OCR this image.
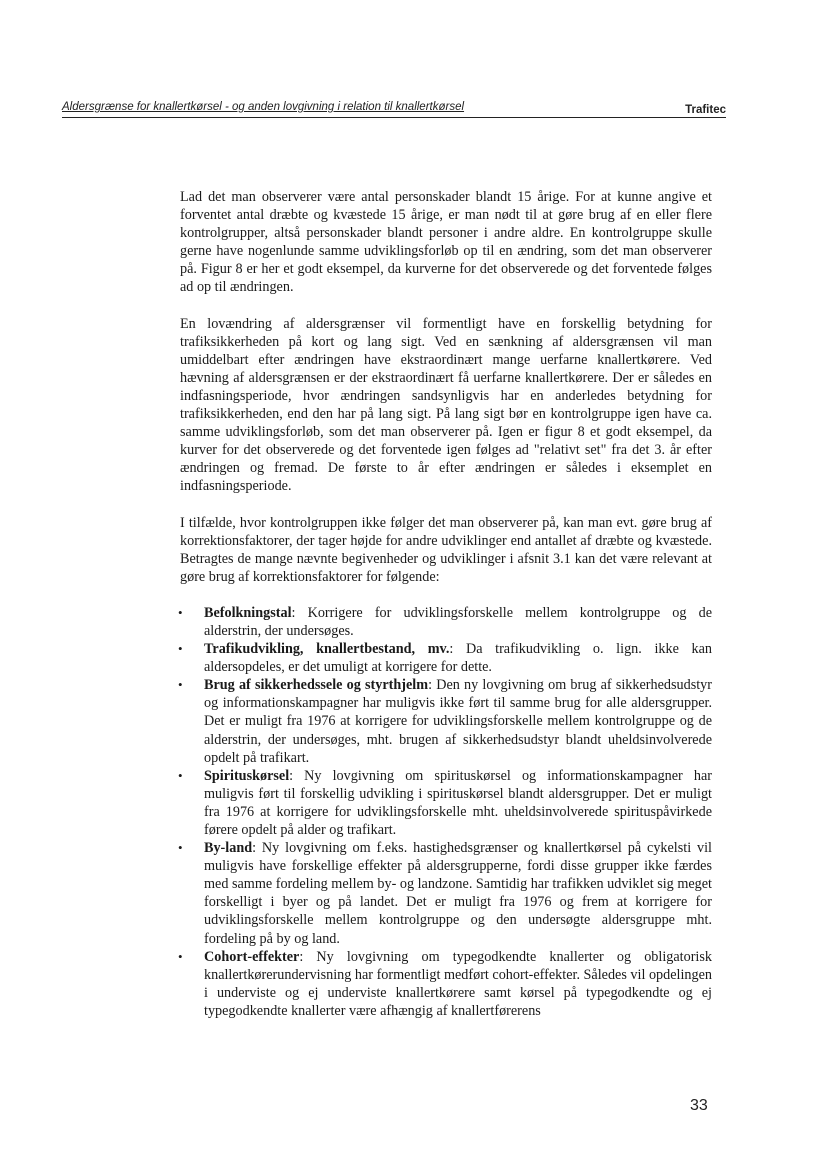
Aldersgrænse for knallertkørsel - og anden lovgivning i relation til knallertkørsel	Trafitec

Lad det man observerer være antal personskader blandt 15 årige. For at kunne angive et forventet antal dræbte og kvæstede 15 årige, er man nødt til at gøre brug af en eller flere kontrolgrupper, altså personskader blandt personer i andre aldre. En kontrolgruppe skulle gerne have nogenlunde samme udviklingsforløb op til en ændring, som det man observerer på. Figur 8 er her et godt eksempel, da kurverne for det observerede og det forventede følges ad op til ændringen.

En lovændring af aldersgrænser vil formentligt have en forskellig betydning for trafiksikkerheden på kort og lang sigt. Ved en sænkning af aldersgrænsen vil man umiddelbart efter ændringen have ekstraordinært mange uerfarne knallertkørere. Ved hævning af aldersgrænsen er der ekstraordinært få uerfarne knallertkørere. Der er således en indfasningsperiode, hvor ændringen sandsynligvis har en anderledes betydning for trafiksikkerheden, end den har på lang sigt. På lang sigt bør en kontrolgruppe igen have ca. samme udviklingsforløb, som det man observerer på. Igen er figur 8 et godt eksempel, da kurver for det observerede og det forventede igen følges ad "relativt set" fra det 3. år efter ændringen og fremad. De første to år efter ændringen er således i eksemplet en indfasningsperiode.

I tilfælde, hvor kontrolgruppen ikke følger det man observerer på, kan man evt. gøre brug af korrektionsfaktorer, der tager højde for andre udviklinger end antallet af dræbte og kvæstede. Betragtes de mange nævnte begivenheder og udviklinger i afsnit 3.1 kan det være relevant at gøre brug af korrektionsfaktorer for følgende:

• Befolkningstal: Korrigere for udviklingsforskelle mellem kontrolgruppe og de alderstrin, der undersøges.
• Trafikudvikling, knallertbestand, mv.: Da trafikudvikling o. lign. ikke kan aldersopdeles, er det umuligt at korrigere for dette.
• Brug af sikkerhedssele og styrthjelm: Den ny lovgivning om brug af sikkerhedsudstyr og informationskampagner har muligvis ikke ført til samme brug for alle aldersgrupper. Det er muligt fra 1976 at korrigere for udviklingsforskelle mellem kontrolgruppe og de alderstrin, der undersøges, mht. brugen af sikkerhedsudstyr blandt uheldsinvolverede opdelt på trafikart.
• Spirituskørsel: Ny lovgivning om spirituskørsel og informationskampagner har muligvis ført til forskellig udvikling i spirituskørsel blandt aldersgrupper. Det er muligt fra 1976 at korrigere for udviklingsforskelle mht. uheldsinvolverede spirituspåvirkede førere opdelt på alder og trafikart.
• By-land: Ny lovgivning om f.eks. hastighedsgrænser og knallertkørsel på cykelsti vil muligvis have forskellige effekter på aldersgrupperne, fordi disse grupper ikke færdes med samme fordeling mellem by- og landzone. Samtidig har trafikken udviklet sig meget forskelligt i byer og på landet. Det er muligt fra 1976 og frem at korrigere for udviklingsforskelle mellem kontrolgruppe og den undersøgte aldersgruppe mht. fordeling på by og land.
• Cohort-effekter: Ny lovgivning om typegodkendte knallerter og obligatorisk knallertkørerundervisning har formentligt medført cohort-effekter. Således vil opdelingen i underviste og ej underviste knallertkørere samt kørsel på typegodkendte og ej typegodkendte knallerter være afhængig af knallertførerens
33
